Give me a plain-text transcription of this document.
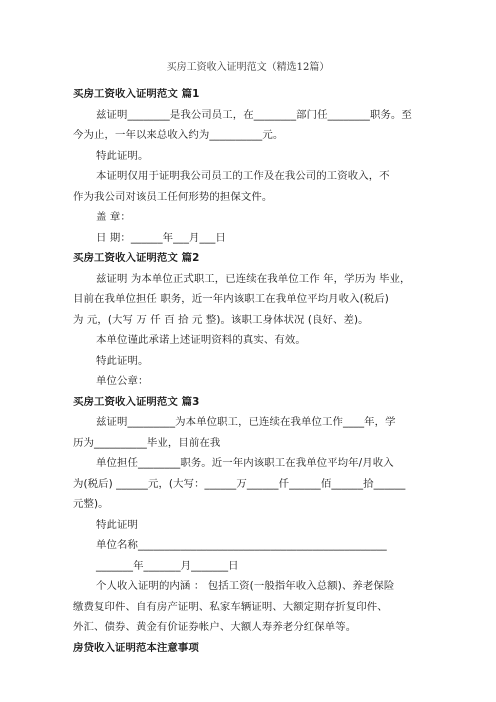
买房工资收入证明范文（精选12篇）
买房工资收入证明范文 篇1
兹证明________是我公司员工，在________部门任________职务。至
今为止，一年以来总收入约为__________元。
特此证明。
本证明仅用于证明我公司员工的工作及在我公司的工资收入，不
作为我公司对该员工任何形势的担保文件。
盖 章：
日 期：______年___月___日
买房工资收入证明范文 篇2
兹证明 为本单位正式职工，已连续在我单位工作 年，学历为 毕业，
目前在我单位担任 职务，近一年内该职工在我单位平均月收入(税后)
为 元，(大写 万 仟 百 拾 元 整)。该职工身体状况 (良好、差)。
本单位谨此承诺上述证明资料的真实、有效。
特此证明。
单位公章：
买房工资收入证明范文 篇3
兹证明_________为本单位职工，已连续在我单位工作____年，学
历为__________毕业，目前在我
单位担任________职务。近一年内该职工在我单位平均年/月收入
为(税后) ______元，(大写：______万______仟______佰______拾______
元整)。
特此证明
单位名称_______________________________________________
_______年_______月_______日
个人收入证明的内涵 ： 包括工资(一般指年收入总额)、养老保险
缴费复印件、自有房产证明、私家车辆证明、大额定期存折复印件、
外汇、债券、黄金有价证券帐户、大额人寿养老分红保单等。
房贷收入证明范本注意事项
